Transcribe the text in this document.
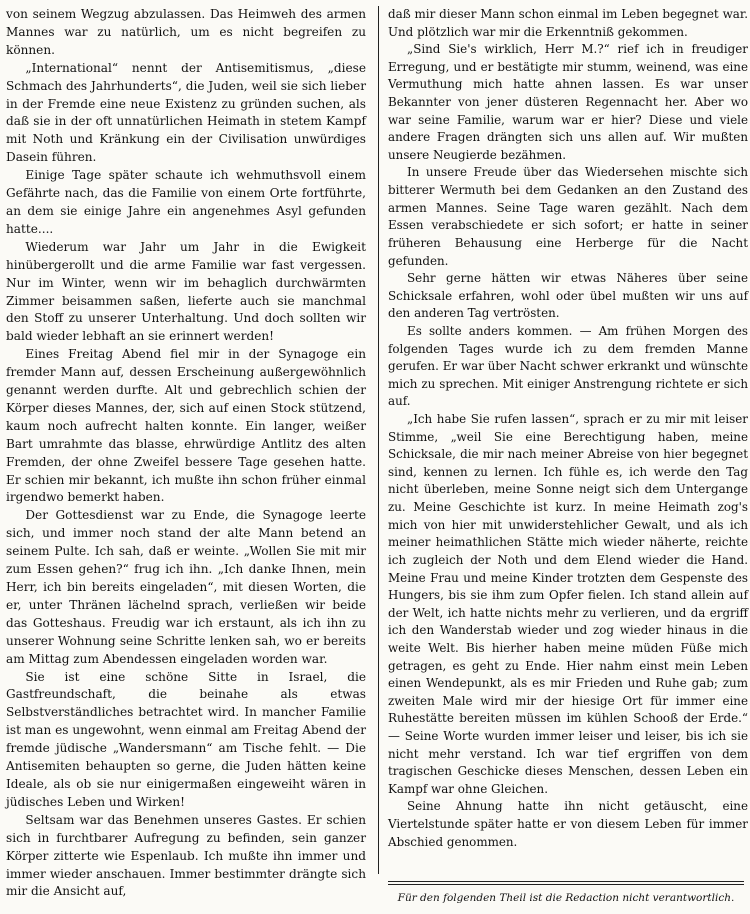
von seinem Wegzug abzulassen. Das Heimweh des armen Mannes war zu natürlich, um es nicht begreifen zu können.

„International“ nennt der Antisemitismus, „diese Schmach des Jahrhunderts“, die Juden, weil sie sich lieber in der Fremde eine neue Existenz zu gründen suchen, als daß sie in der oft unnatürlichen Heimath in stetem Kampf mit Noth und Kränkung ein der Civilisation unwürdiges Dasein führen.

Einige Tage später schaute ich wehmuthsvoll einem Gefährte nach, das die Familie von einem Orte fortführte, an dem sie einige Jahre ein angenehmes Asyl gefunden hatte....

Wiederum war Jahr um Jahr in die Ewigkeit hinübergerollt und die arme Familie war fast vergessen. Nur im Winter, wenn wir im behaglich durchwärmten Zimmer beisammen saßen, lieferte auch sie manchmal den Stoff zu unserer Unterhaltung. Und doch sollten wir bald wieder lebhaft an sie erinnert werden!

Eines Freitag Abend fiel mir in der Synagoge ein fremder Mann auf, dessen Erscheinung außergewöhnlich genannt werden durfte. Alt und gebrechlich schien der Körper dieses Mannes, der, sich auf einen Stock stützend, kaum noch aufrecht halten konnte. Ein langer, weißer Bart umrahmte das blasse, ehrwürdige Antlitz des alten Fremden, der ohne Zweifel bessere Tage gesehen hatte. Er schien mir bekannt, ich mußte ihn schon früher einmal irgendwo bemerkt haben.

Der Gottesdienst war zu Ende, die Synagoge leerte sich, und immer noch stand der alte Mann betend an seinem Pulte. Ich sah, daß er weinte. „Wollen Sie mit mir zum Essen gehen?“ frug ich ihn. „Ich danke Ihnen, mein Herr, ich bin bereits eingeladen“, mit diesen Worten, die er, unter Thränen lächelnd sprach, verließen wir beide das Gotteshaus. Freudig war ich erstaunt, als ich ihn zu unserer Wohnung seine Schritte lenken sah, wo er bereits am Mittag zum Abendessen eingeladen worden war.

Sie ist eine schöne Sitte in Israel, die Gastfreundschaft, die beinahe als etwas Selbstverständliches betrachtet wird. In mancher Familie ist man es ungewohnt, wenn einmal am Freitag Abend der fremde jüdische „Wandersmann“ am Tische fehlt. — Die Antisemiten behaupten so gerne, die Juden hätten keine Ideale, als ob sie nur einigermaßen eingeweiht wären in jüdisches Leben und Wirken!

Seltsam war das Benehmen unseres Gastes. Er schien sich in furchtbarer Aufregung zu befinden, sein ganzer Körper zitterte wie Espenlaub. Ich mußte ihn immer und immer wieder anschauen. Immer bestimmter drängte sich mir die Ansicht auf,

daß mir dieser Mann schon einmal im Leben begegnet war. Und plötzlich war mir die Erkenntniß gekommen.

„Sind Sie's wirklich, Herr M.?“ rief ich in freudiger Erregung, und er bestätigte mir stumm, weinend, was eine Vermuthung mich hatte ahnen lassen. Es war unser Bekannter von jener düsteren Regennacht her. Aber wo war seine Familie, warum war er hier? Diese und viele andere Fragen drängten sich uns allen auf. Wir mußten unsere Neugierde bezähmen.

In unsere Freude über das Wiedersehen mischte sich bitterer Wermuth bei dem Gedanken an den Zustand des armen Mannes. Seine Tage waren gezählt. Nach dem Essen verabschiedete er sich sofort; er hatte in seiner früheren Behausung eine Herberge für die Nacht gefunden.

Sehr gerne hätten wir etwas Näheres über seine Schicksale erfahren, wohl oder übel mußten wir uns auf den anderen Tag vertrösten.

Es sollte anders kommen. — Am frühen Morgen des folgenden Tages wurde ich zu dem fremden Manne gerufen. Er war über Nacht schwer erkrankt und wünschte mich zu sprechen. Mit einiger Anstrengung richtete er sich auf.

„Ich habe Sie rufen lassen“, sprach er zu mir mit leiser Stimme, „weil Sie eine Berechtigung haben, meine Schicksale, die mir nach meiner Abreise von hier begegnet sind, kennen zu lernen. Ich fühle es, ich werde den Tag nicht überleben, meine Sonne neigt sich dem Untergange zu. Meine Geschichte ist kurz. In meine Heimath zog's mich von hier mit unwiderstehlicher Gewalt, und als ich meiner heimathlichen Stätte mich wieder näherte, reichte ich zugleich der Noth und dem Elend wieder die Hand. Meine Frau und meine Kinder trotzten dem Gespenste des Hungers, bis sie ihm zum Opfer fielen. Ich stand allein auf der Welt, ich hatte nichts mehr zu verlieren, und da ergriff ich den Wanderstab wieder und zog wieder hinaus in die weite Welt. Bis hierher haben meine müden Füße mich getragen, es geht zu Ende. Hier nahm einst mein Leben einen Wendepunkt, als es mir Frieden und Ruhe gab; zum zweiten Male wird mir der hiesige Ort für immer eine Ruhestätte bereiten müssen im kühlen Schooß der Erde.“ — Seine Worte wurden immer leiser und leiser, bis ich sie nicht mehr verstand. Ich war tief ergriffen von dem tragischen Geschicke dieses Menschen, dessen Leben ein Kampf war ohne Gleichen.

Seine Ahnung hatte ihn nicht getäuscht, eine Viertelstunde später hatte er von diesem Leben für immer Abschied genommen.

Für den folgenden Theil ist die Redaction nicht verantwortlich.
